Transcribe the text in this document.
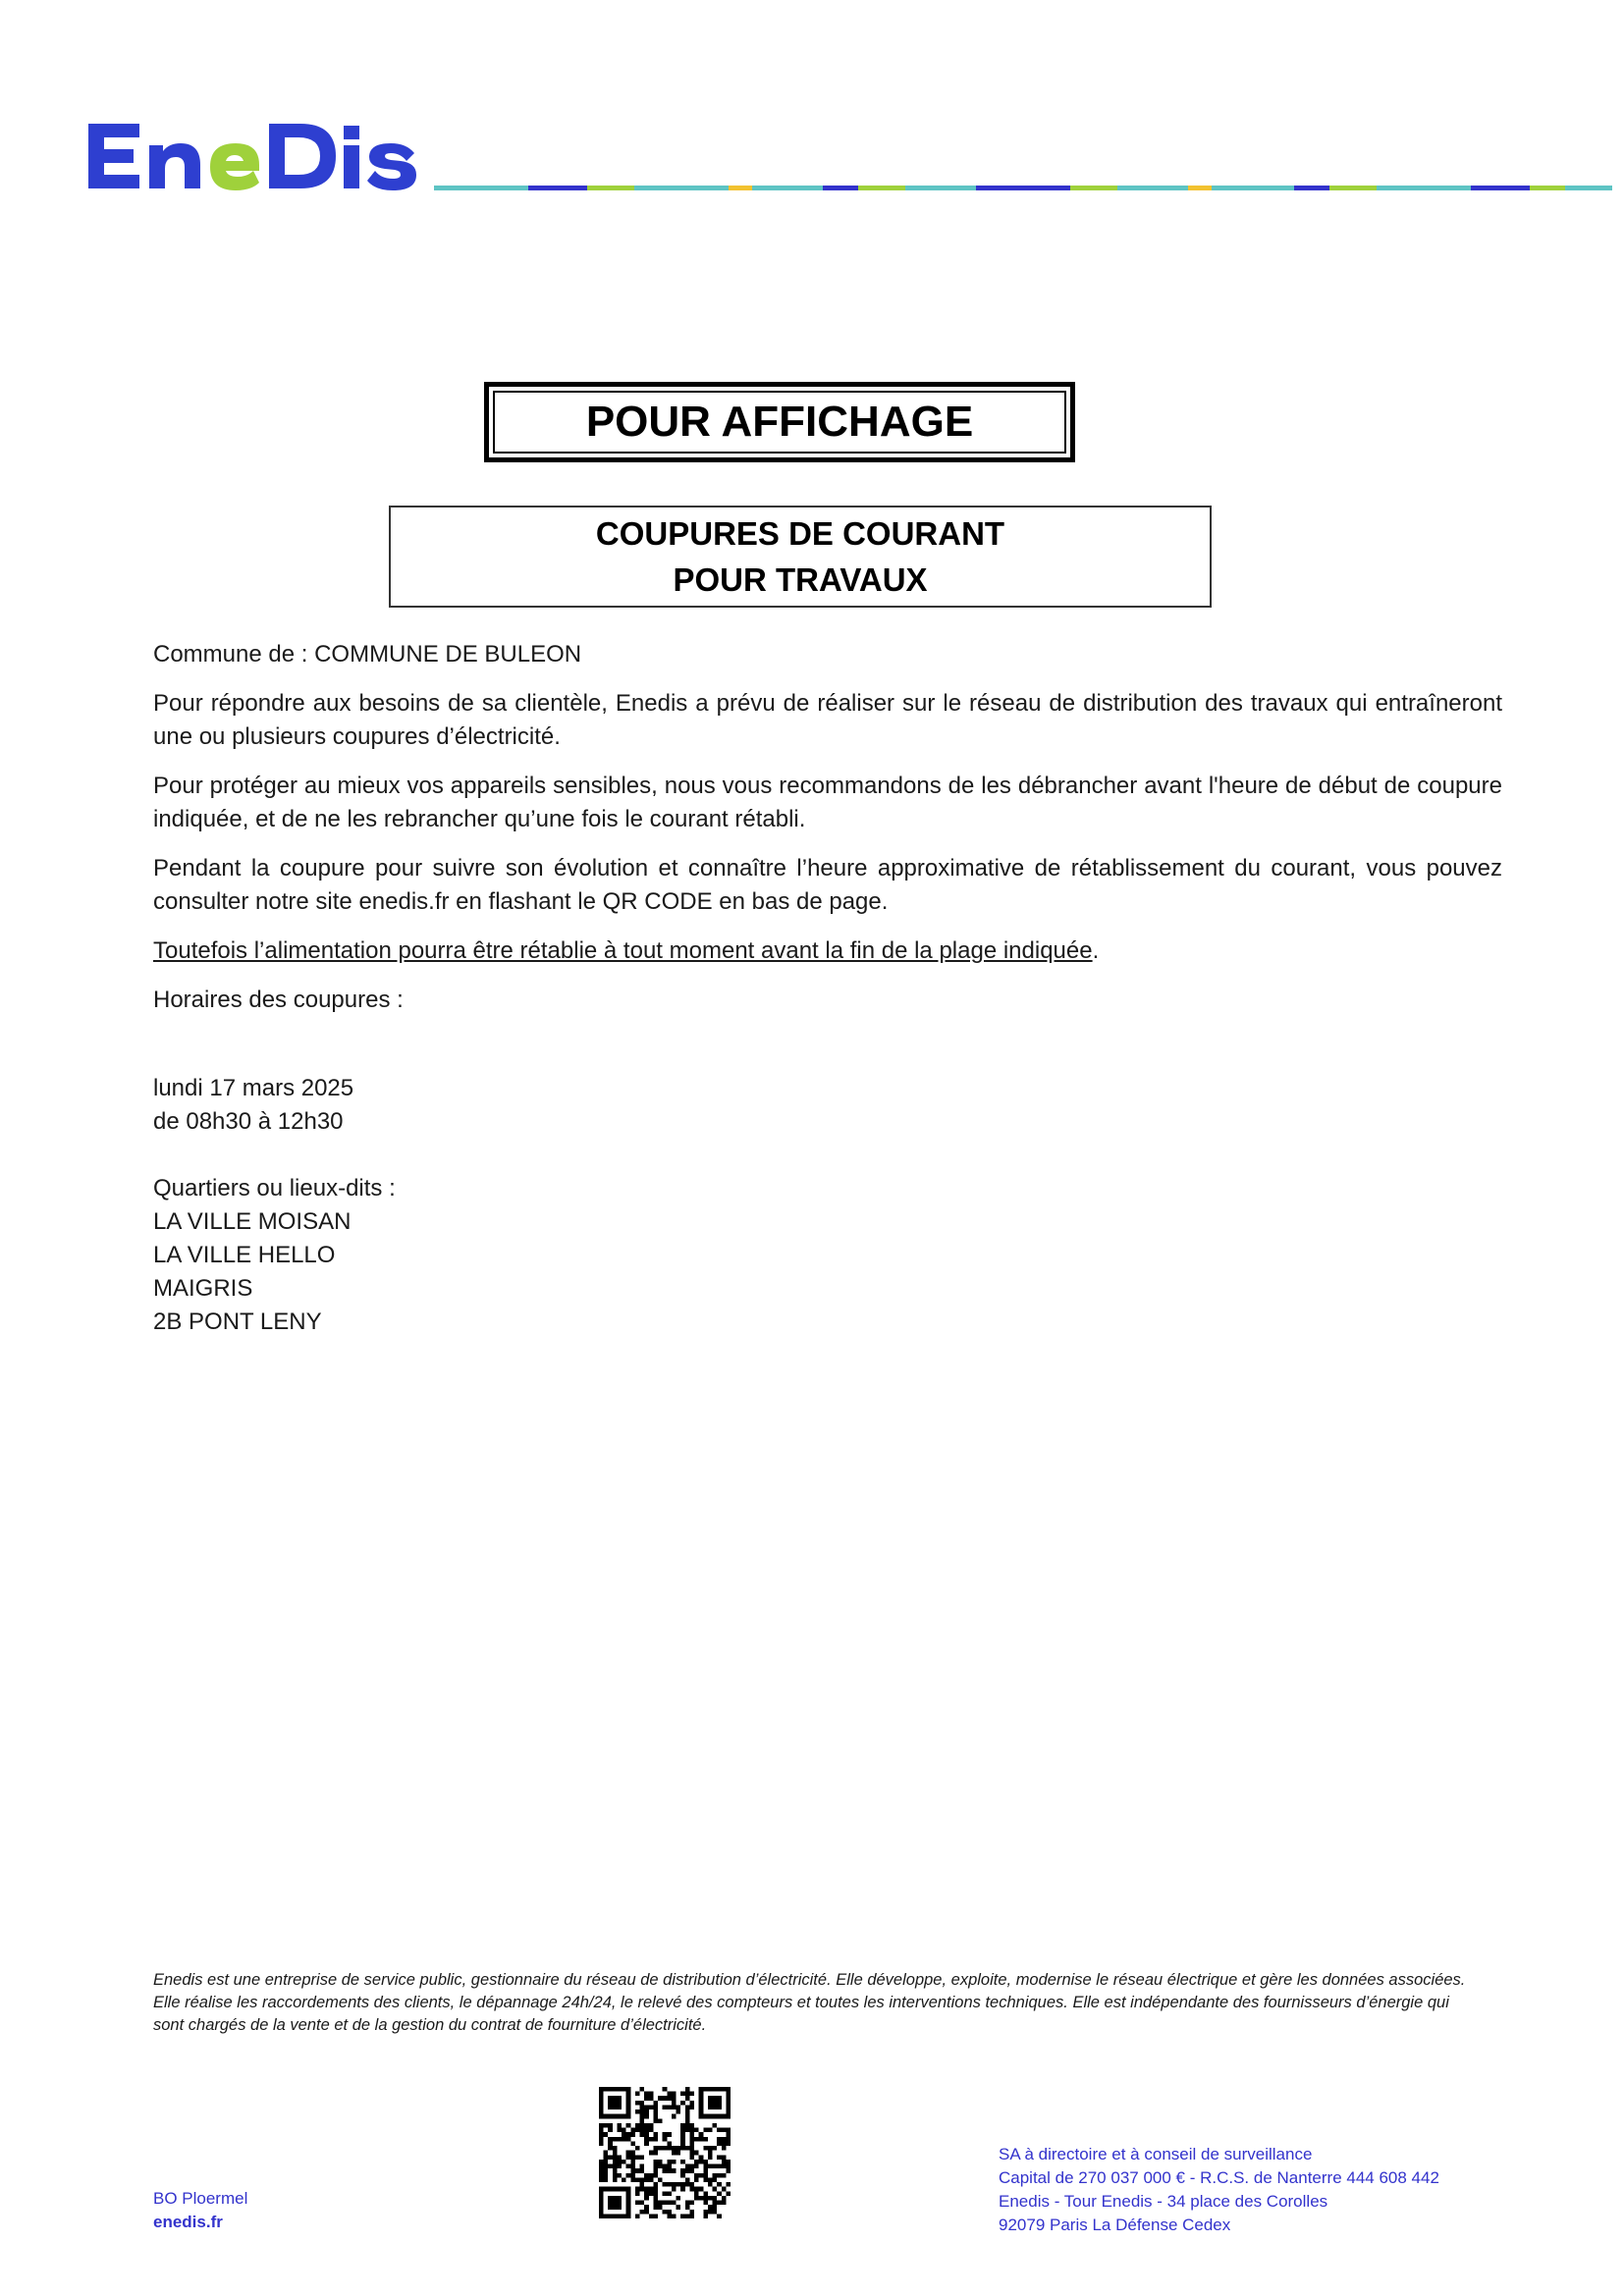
POUR AFFICHAGE
COUPURES DE COURANT
POUR TRAVAUX

Commune de : COMMUNE DE BULEON

Pour répondre aux besoins de sa clientèle, Enedis a prévu de réaliser sur le réseau de distribution des travaux qui entraîneront une ou plusieurs coupures d’électricité.

Pour protéger au mieux vos appareils sensibles, nous vous recommandons de les débrancher avant l'heure de début de coupure indiquée, et de ne les rebrancher qu’une fois le courant rétabli.

Pendant la coupure pour suivre son évolution et connaître l’heure approximative de rétablissement du courant, vous pouvez consulter notre site enedis.fr en flashant le QR CODE en bas de page.

Toutefois l’alimentation pourra être rétablie à tout moment avant la fin de la plage indiquée.

Horaires des coupures :

lundi 17 mars 2025
de 08h30 à 12h30
Quartiers ou lieux-dits :
LA VILLE MOISAN
LA VILLE HELLO
MAIGRIS
2B PONT LENY
Enedis est une entreprise de service public, gestionnaire du réseau de distribution d’électricité. Elle développe, exploite, modernise le réseau électrique et gère les données associées. Elle réalise les raccordements des clients, le dépannage 24h/24, le relevé des compteurs et toutes les interventions techniques. Elle est indépendante des fournisseurs d’énergie qui sont chargés de la vente et de la gestion du contrat de fourniture d’électricité.
BO Ploermel
enedis.fr
SA à directoire et à conseil de surveillance
Capital de 270 037 000 € - R.C.S. de Nanterre 444 608 442
Enedis - Tour Enedis - 34 place des Corolles
92079 Paris La Défense Cedex
